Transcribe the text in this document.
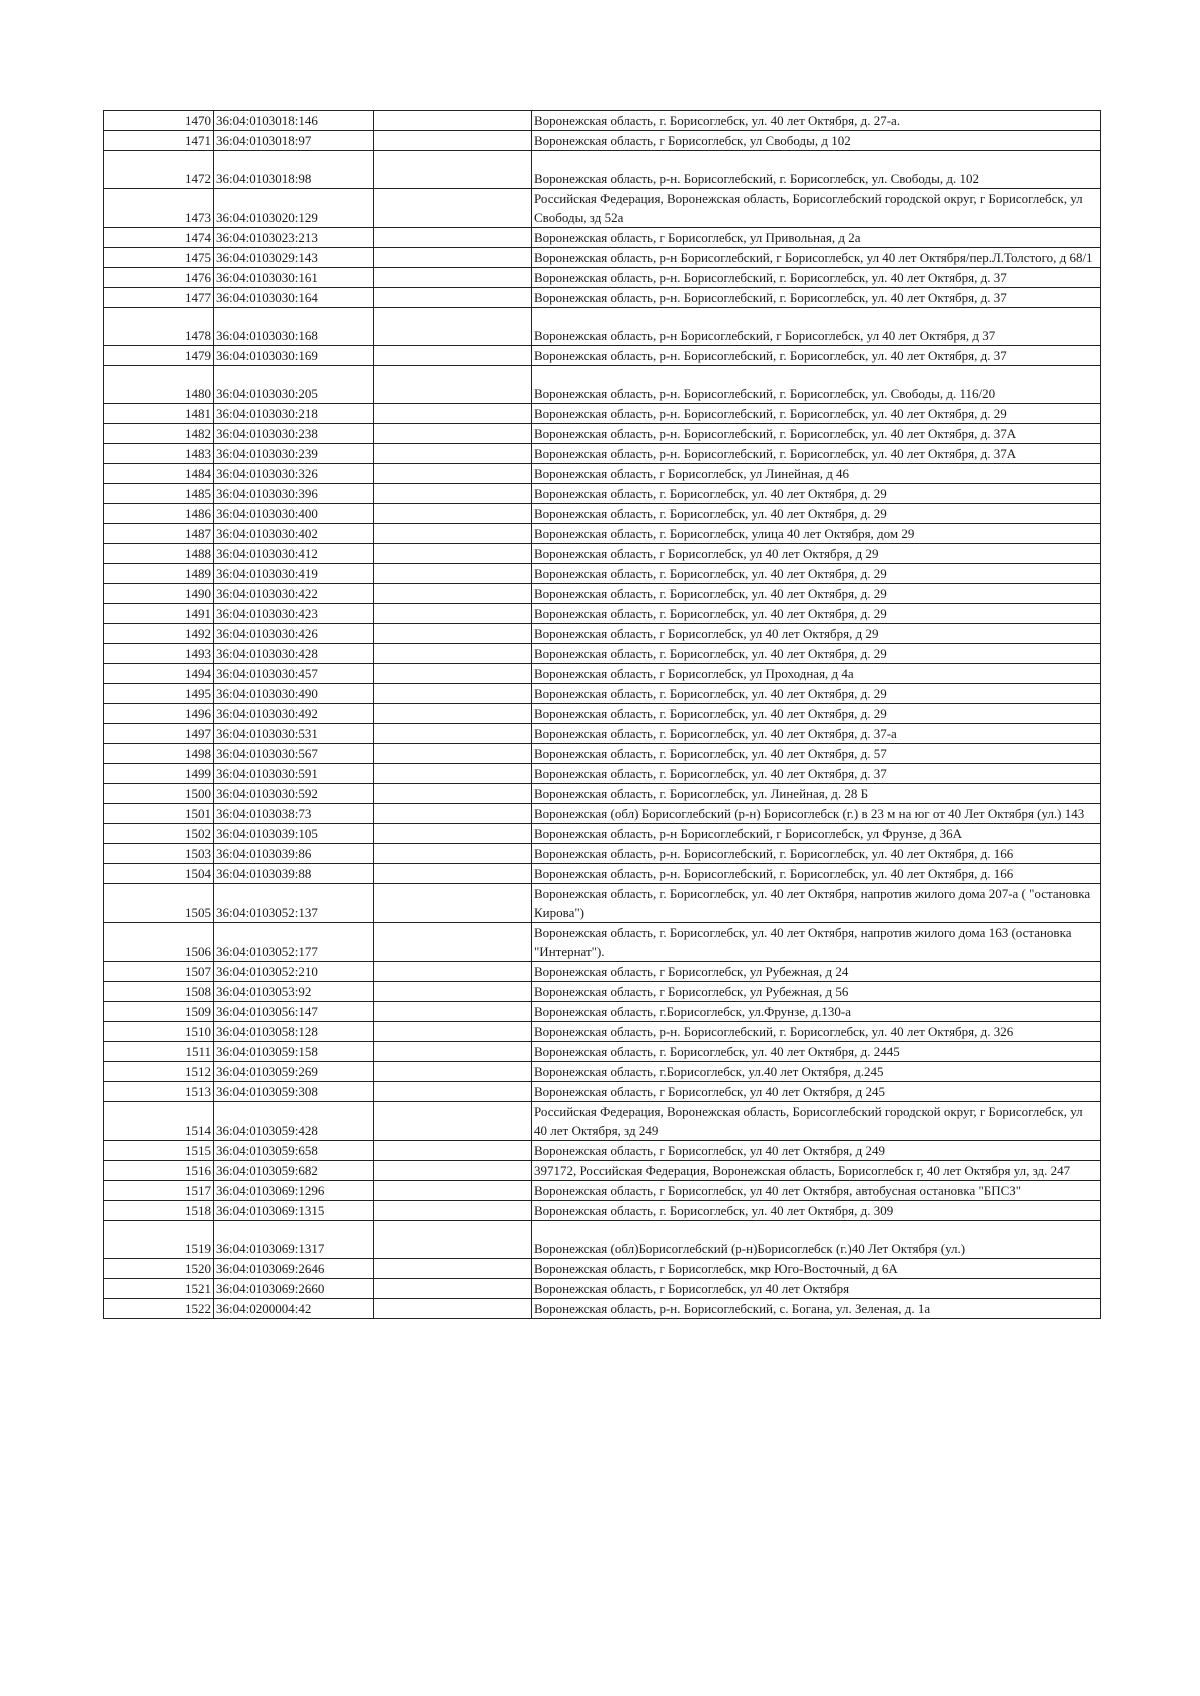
1470	36:04:0103018:146		Воронежская область, г. Борисоглебск, ул. 40 лет Октября, д. 27-а.
1471	36:04:0103018:97		Воронежская область, г Борисоглебск, ул Свободы, д 102
1472	36:04:0103018:98		Воронежская область, р-н. Борисоглебский, г. Борисоглебск, ул. Свободы, д. 102
1473	36:04:0103020:129		Российская Федерация, Воронежская область, Борисоглебский городской округ, г Борисоглебск, ул Свободы, зд 52а
1474	36:04:0103023:213		Воронежская область, г Борисоглебск, ул Привольная, д 2а
1475	36:04:0103029:143		Воронежская область, р-н Борисоглебский, г Борисоглебск, ул 40 лет Октября/пер.Л.Толстого, д 68/1
1476	36:04:0103030:161		Воронежская область, р-н. Борисоглебский, г. Борисоглебск, ул. 40 лет Октября, д. 37
1477	36:04:0103030:164		Воронежская область, р-н. Борисоглебский, г. Борисоглебск, ул. 40 лет Октября, д. 37
1478	36:04:0103030:168		Воронежская область, р-н Борисоглебский, г Борисоглебск, ул 40 лет Октября, д 37
1479	36:04:0103030:169		Воронежская область, р-н. Борисоглебский, г. Борисоглебск, ул. 40 лет Октября, д. 37
1480	36:04:0103030:205		Воронежская область, р-н. Борисоглебский, г. Борисоглебск, ул. Свободы, д. 116/20
1481	36:04:0103030:218		Воронежская область, р-н. Борисоглебский, г. Борисоглебск, ул. 40 лет Октября, д. 29
1482	36:04:0103030:238		Воронежская область, р-н. Борисоглебский, г. Борисоглебск, ул. 40 лет Октября, д. 37А
1483	36:04:0103030:239		Воронежская область, р-н. Борисоглебский, г. Борисоглебск, ул. 40 лет Октября, д. 37А
1484	36:04:0103030:326		Воронежская область, г Борисоглебск, ул Линейная, д 46
1485	36:04:0103030:396		Воронежская область, г. Борисоглебск, ул. 40 лет Октября, д. 29
1486	36:04:0103030:400		Воронежская область, г. Борисоглебск, ул. 40 лет Октября, д. 29
1487	36:04:0103030:402		Воронежская область, г. Борисоглебск, улица 40 лет Октября, дом 29
1488	36:04:0103030:412		Воронежская область, г Борисоглебск, ул 40 лет Октября, д 29
1489	36:04:0103030:419		Воронежская область, г. Борисоглебск, ул. 40 лет Октября, д. 29
1490	36:04:0103030:422		Воронежская область, г. Борисоглебск, ул. 40 лет Октября, д. 29
1491	36:04:0103030:423		Воронежская область, г. Борисоглебск, ул. 40 лет Октября, д. 29
1492	36:04:0103030:426		Воронежская область, г Борисоглебск, ул 40 лет Октября, д 29
1493	36:04:0103030:428		Воронежская область, г. Борисоглебск, ул. 40 лет Октября, д. 29
1494	36:04:0103030:457		Воронежская область, г Борисоглебск, ул Проходная, д 4а
1495	36:04:0103030:490		Воронежская область, г. Борисоглебск, ул. 40 лет Октября, д. 29
1496	36:04:0103030:492		Воронежская область, г. Борисоглебск, ул. 40 лет Октября, д. 29
1497	36:04:0103030:531		Воронежская область, г. Борисоглебск, ул. 40 лет Октября, д. 37-а
1498	36:04:0103030:567		Воронежская область, г. Борисоглебск, ул. 40 лет Октября, д. 57
1499	36:04:0103030:591		Воронежская область, г. Борисоглебск, ул. 40 лет Октября, д. 37
1500	36:04:0103030:592		Воронежская область, г. Борисоглебск, ул. Линейная, д. 28 Б
1501	36:04:0103038:73		Воронежская (обл) Борисоглебский (р-н) Борисоглебск (г.) в 23 м на юг от 40 Лет Октября (ул.) 143
1502	36:04:0103039:105		Воронежская область, р-н Борисоглебский, г Борисоглебск, ул Фрунзе, д 36А
1503	36:04:0103039:86		Воронежская область, р-н. Борисоглебский, г. Борисоглебск, ул. 40 лет Октября, д. 166
1504	36:04:0103039:88		Воронежская область, р-н. Борисоглебский, г. Борисоглебск, ул. 40 лет Октября, д. 166
1505	36:04:0103052:137		Воронежская область, г. Борисоглебск, ул. 40 лет Октября, напротив жилого дома 207-а ( "остановка Кирова")
1506	36:04:0103052:177		Воронежская область, г. Борисоглебск, ул. 40 лет Октября, напротив жилого дома 163 (остановка "Интернат").
1507	36:04:0103052:210		Воронежская область, г Борисоглебск, ул Рубежная, д 24
1508	36:04:0103053:92		Воронежская область, г Борисоглебск, ул Рубежная, д 56
1509	36:04:0103056:147		Воронежская область, г.Борисоглебск, ул.Фрунзе, д.130-а
1510	36:04:0103058:128		Воронежская область, р-н. Борисоглебский, г. Борисоглебск, ул. 40 лет Октября, д. 326
1511	36:04:0103059:158		Воронежская область, г. Борисоглебск, ул. 40 лет Октября, д. 2445
1512	36:04:0103059:269		Воронежская область, г.Борисоглебск, ул.40 лет Октября, д.245
1513	36:04:0103059:308		Воронежская область, г Борисоглебск, ул 40 лет Октября, д 245
1514	36:04:0103059:428		Российская Федерация, Воронежская область, Борисоглебский городской округ, г Борисоглебск, ул 40 лет Октября, зд 249
1515	36:04:0103059:658		Воронежская область, г Борисоглебск, ул 40 лет Октября, д 249
1516	36:04:0103059:682		397172, Российская Федерация, Воронежская область, Борисоглебск г, 40 лет Октября ул, зд. 247
1517	36:04:0103069:1296		Воронежская область, г Борисоглебск, ул 40 лет Октября, автобусная остановка "БПСЗ"
1518	36:04:0103069:1315		Воронежская область, г. Борисоглебск, ул. 40 лет Октября, д. 309
1519	36:04:0103069:1317		Воронежская (обл)Борисоглебский (р-н)Борисоглебск (г.)40 Лет Октября (ул.)
1520	36:04:0103069:2646		Воронежская область, г Борисоглебск, мкр Юго-Восточный, д 6А
1521	36:04:0103069:2660		Воронежская область, г Борисоглебск, ул 40 лет Октября
1522	36:04:0200004:42		Воронежская область, р-н. Борисоглебский, с. Богана, ул. Зеленая, д. 1а
